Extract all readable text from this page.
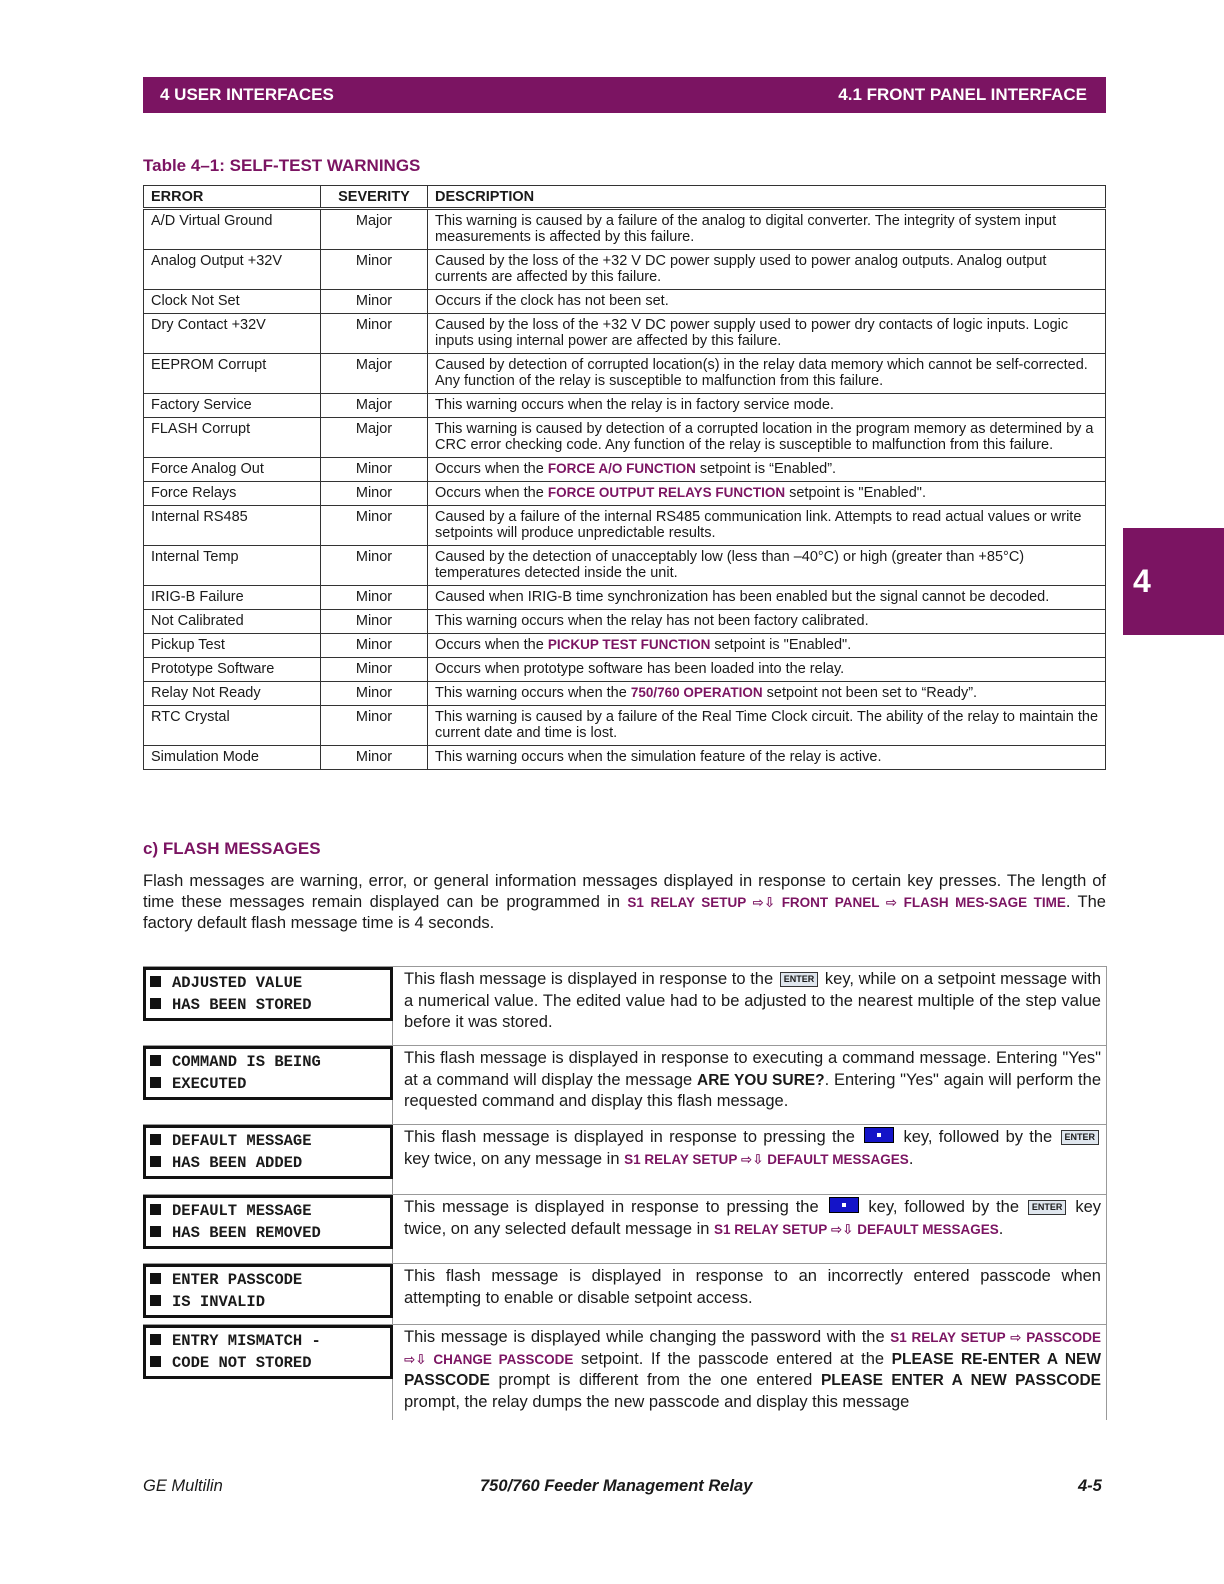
4 USER INTERFACES	4.1 FRONT PANEL INTERFACE
4
Table 4–1: SELF-TEST WARNINGS
ERROR	SEVERITY	DESCRIPTION
A/D Virtual Ground	Major	This warning is caused by a failure of the analog to digital converter. The integrity of system input measurements is affected by this failure.
Analog Output +32V	Minor	Caused by the loss of the +32 V DC power supply used to power analog outputs. Analog output currents are affected by this failure.
Clock Not Set	Minor	Occurs if the clock has not been set.
Dry Contact +32V	Minor	Caused by the loss of the +32 V DC power supply used to power dry contacts of logic inputs. Logic inputs using internal power are affected by this failure.
EEPROM Corrupt	Major	Caused by detection of corrupted location(s) in the relay data memory which cannot be self-corrected. Any function of the relay is susceptible to malfunction from this failure.
Factory Service	Major	This warning occurs when the relay is in factory service mode.
FLASH Corrupt	Major	This warning is caused by detection of a corrupted location in the program memory as determined by a CRC error checking code. Any function of the relay is susceptible to malfunction from this failure.
Force Analog Out	Minor	Occurs when the FORCE A/O FUNCTION setpoint is “Enabled”.
Force Relays	Minor	Occurs when the FORCE OUTPUT RELAYS FUNCTION setpoint is "Enabled".
Internal RS485	Minor	Caused by a failure of the internal RS485 communication link. Attempts to read actual values or write setpoints will produce unpredictable results.
Internal Temp	Minor	Caused by the detection of unacceptably low (less than –40°C) or high (greater than +85°C) temperatures detected inside the unit.
IRIG-B Failure	Minor	Caused when IRIG-B time synchronization has been enabled but the signal cannot be decoded.
Not Calibrated	Minor	This warning occurs when the relay has not been factory calibrated.
Pickup Test	Minor	Occurs when the PICKUP TEST FUNCTION setpoint is "Enabled".
Prototype Software	Minor	Occurs when prototype software has been loaded into the relay.
Relay Not Ready	Minor	This warning occurs when the 750/760 OPERATION setpoint not been set to “Ready”.
RTC Crystal	Minor	This warning is caused by a failure of the Real Time Clock circuit. The ability of the relay to maintain the current date and time is lost.
Simulation Mode	Minor	This warning occurs when the simulation feature of the relay is active.
c) FLASH MESSAGES
Flash messages are warning, error, or general information messages displayed in response to certain key presses. The length of time these messages remain displayed can be programmed in S1 RELAY SETUP ⇨⇩ FRONT PANEL ⇨ FLASH MES-SAGE TIME. The factory default flash message time is 4 seconds.
ADJUSTED VALUE
HAS BEEN STORED
This flash message is displayed in response to the ENTER key, while on a setpoint message with a numerical value. The edited value had to be adjusted to the nearest multiple of the step value before it was stored.
COMMAND IS BEING
EXECUTED
This flash message is displayed in response to executing a command message. Entering "Yes" at a command will display the message ARE YOU SURE?. Entering "Yes" again will perform the requested command and display this flash message.
DEFAULT MESSAGE
HAS BEEN ADDED
This flash message is displayed in response to pressing the  key, followed by the ENTER key twice, on any message in S1 RELAY SETUP ⇨⇩ DEFAULT MESSAGES.
DEFAULT MESSAGE
HAS BEEN REMOVED
This message is displayed in response to pressing the  key, followed by the ENTER key twice, on any selected default message in S1 RELAY SETUP ⇨⇩ DEFAULT MESSAGES.
ENTER PASSCODE
IS INVALID
This flash message is displayed in response to an incorrectly entered passcode when attempting to enable or disable setpoint access.
ENTRY MISMATCH -
CODE NOT STORED
This message is displayed while changing the password with the S1 RELAY SETUP ⇨ PASSCODE ⇨⇩ CHANGE PASSCODE setpoint. If the passcode entered at the PLEASE RE-ENTER A NEW PASSCODE prompt is different from the one entered PLEASE ENTER A NEW PASSCODE prompt, the relay dumps the new passcode and display this message
GE Multilin	750/760 Feeder Management Relay	4-5
